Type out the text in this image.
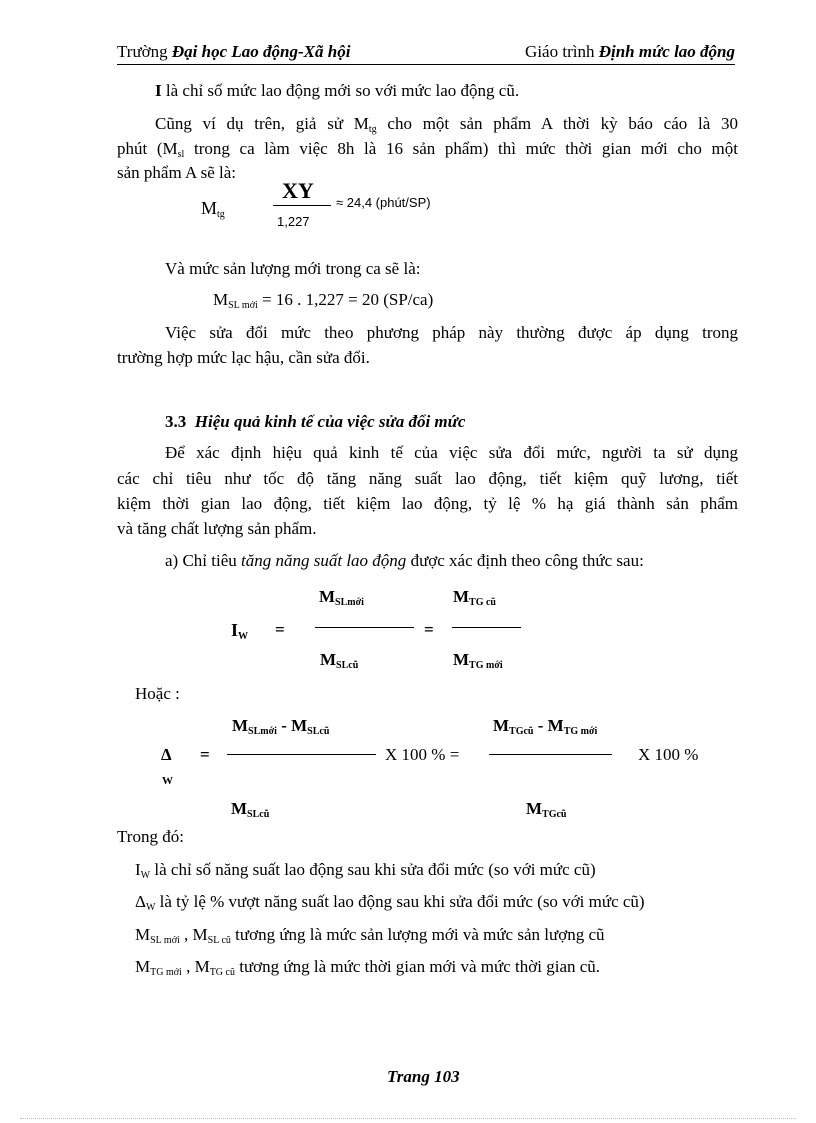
Trường Đại học Lao động-Xã hội	Giáo trình Định mức lao động
I là chỉ số mức lao động mới so với mức lao động cũ.
Cũng ví dụ trên, giả sử $M_{tg}$ cho một sản phẩm A thời kỳ báo cáo là 30
phút ($M_{sl}$ trong ca làm việc 8h là 16 sản phẩm) thì mức thời gian mới cho một
sản phẩm A sẽ là:
$M_{tg}$
XY
1,227
≈ 24,4 (phút/SP)
Và mức sản lượng mới trong ca sẽ là:
$M_{SL mới} = 16$ . 1,227 = 20 (SP/ca)
Việc sửa đổi mức theo phương pháp này thường được áp dụng trong
trường hợp mức lạc hậu, cần sửa đổi.
3.3 Hiệu quả kinh tế của việc sửa đổi mức
Để xác định hiệu quả kinh tế của việc sửa đổi mức, người ta sử dụng
các chỉ tiêu như tốc độ tăng năng suất lao động, tiết kiệm quỹ lương, tiết
kiệm thời gian lao động, tiết kiệm lao động, tỷ lệ % hạ giá thành sản phẩm
và tăng chất lượng sản phẩm.
a) Chỉ tiêu tăng năng suất lao động được xác định theo công thức sau:
IW =
MSLmới
MSLcũ
=
MTG cũ
MTG mới
Hoặc :
Δ
W
=
MSLmới - MSLcũ
MSLcũ
X 100 % =
MTGcũ - MTG mới
MTGcũ
X 100 %
Trong đó:
$I_W$ là chỉ số năng suất lao động sau khi sửa đổi mức (so với mức cũ)
$\Delta_W$ là tỷ lệ % vượt năng suất lao động sau khi sửa đổi mức (so với mức cũ)
$M_{SL mới}$ , $M_{SL cũ}$ tương ứng là mức sản lượng mới và mức sản lượng cũ
$M_{TG mới}$ , $M_{TG cũ}$ tương ứng là mức thời gian mới và mức thời gian cũ.
Trang 103
